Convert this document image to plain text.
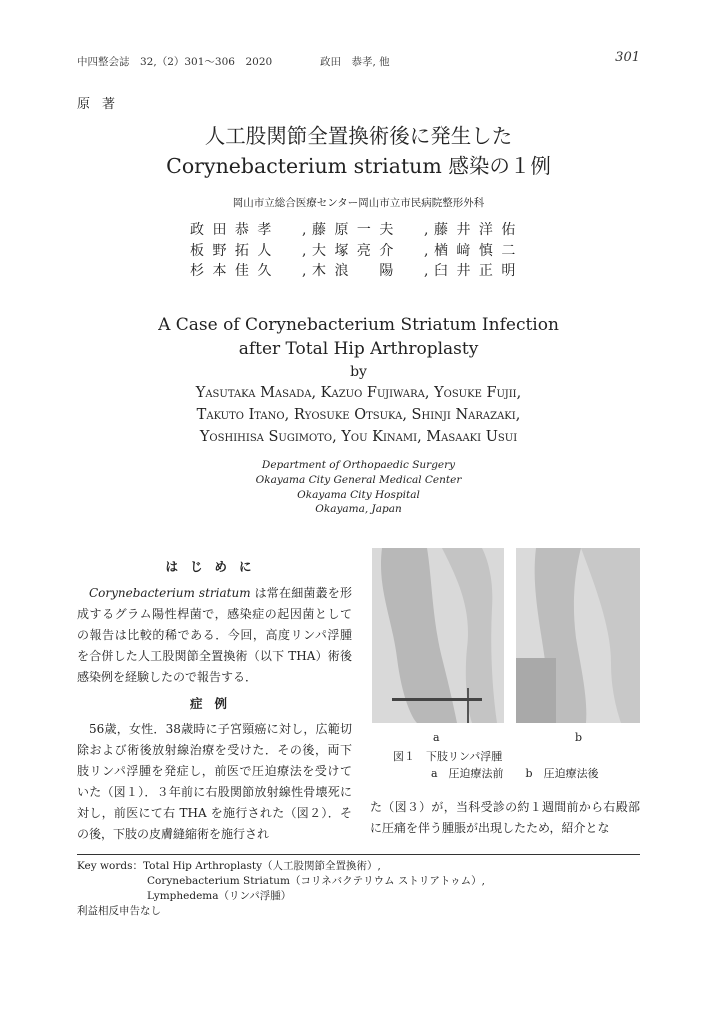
中四整会誌　32,（2）301～306　2020	政田　恭孝, 他	301
原著
人工股関節全置換術後に発生した
Corynebacterium striatum 感染の１例
岡山市立総合医療センター岡山市立市民病院整形外科
政 田 恭 孝	, 藤 原 一 夫	, 藤 井 洋 佑
板 野 拓 人	, 大 塚 亮 介	, 楢 﨑 慎 二
杉 本 佳 久	, 木 浪 　 陽	, 臼 井 正 明
A Case of Corynebacterium Striatum Infection
after Total Hip Arthroplasty
by
Yasutaka Masada, Kazuo Fujiwara, Yosuke Fujii,
Takuto Itano, Ryosuke Otsuka, Shinji Narazaki,
Yoshihisa Sugimoto, You Kinami, Masaaki Usui
Department of Orthopaedic Surgery
Okayama City General Medical Center
Okayama City Hospital
Okayama, Japan
はじめに

Corynebacterium striatum は常在細菌叢を形成するグラム陽性桿菌で，感染症の起因菌としての報告は比較的稀である．今回，高度リンパ浮腫を合併した人工股関節全置換術（以下 THA）術後感染例を経験したので報告する．

症例

56歳，女性．38歳時に子宮頸癌に対し，広範切除および術後放射線治療を受けた．その後，両下肢リンパ浮腫を発症し，前医で圧迫療法を受けていた（図１）．３年前に右股関節放射線性骨壊死に対し，前医にて右 THA を施行された（図２）．その後，下肢の皮膚縫縮術を施行され

a	b
図１　下肢リンパ浮腫
a　圧迫療法前　　b　圧迫療法後
た（図３）が，当科受診の約１週間前から右殿部に圧痛を伴う腫脹が出現したため，紹介とな
Key words：Total Hip Arthroplasty（人工股関節全置換術）,
Corynebacterium Striatum（コリネバクテリウム ストリアトゥム）,
Lymphedema（リンパ浮腫）
利益相反申告なし
